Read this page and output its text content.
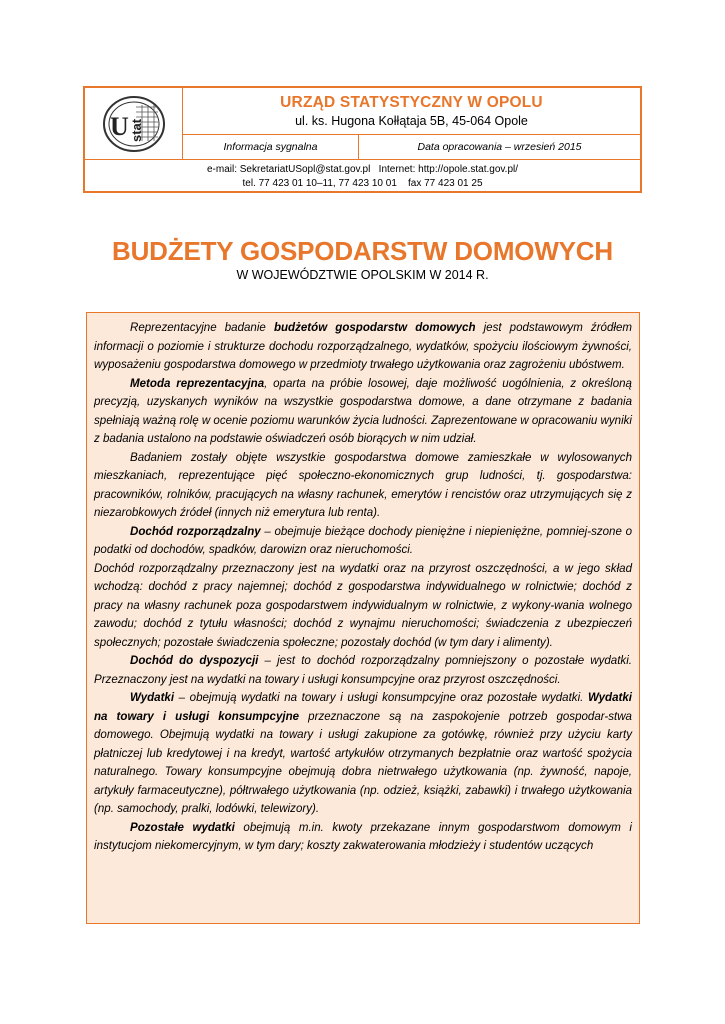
U stat
URZĄD STATYSTYCZNY W OPOLU
ul. ks. Hugona Kołłątaja 5B, 45-064 Opole
Informacja sygnalna	Data opracowania – wrzesień 2015
e-mail: SekretariatUSopl@stat.gov.pl   Internet: http://opole.stat.gov.pl/
tel. 77 423 01 10–11, 77 423 10 01    fax 77 423 01 25
BUDŻETY GOSPODARSTW DOMOWYCH
W WOJEWÓDZTWIE OPOLSKIM W 2014 R.

Reprezentacyjne badanie budżetów gospodarstw domowych jest podstawowym źródłem informacji o poziomie i strukturze dochodu rozporządzalnego, wydatków, spożyciu ilościowym żywności, wyposażeniu gospodarstwa domowego w przedmioty trwałego użytkowania oraz zagrożeniu ubóstwem.

Metoda reprezentacyjna, oparta na próbie losowej, daje możliwość uogólnienia, z określoną precyzją, uzyskanych wyników na wszystkie gospodarstwa domowe, a dane otrzymane z badania spełniają ważną rolę w ocenie poziomu warunków życia ludności. Zaprezentowane w opracowaniu wyniki z badania ustalono na podstawie oświadczeń osób biorących w nim udział.

Badaniem zostały objęte wszystkie gospodarstwa domowe zamieszkałe w wylosowanych mieszkaniach, reprezentujące pięć społeczno-ekonomicznych grup ludności, tj. gospodarstwa: pracowników, rolników, pracujących na własny rachunek, emerytów i rencistów oraz utrzymujących się z niezarobkowych źródeł (innych niż emerytura lub renta).

Dochód rozporządzalny – obejmuje bieżące dochody pieniężne i niepieniężne, pomniej-szone o podatki od dochodów, spadków, darowizn oraz nieruchomości.

Dochód rozporządzalny przeznaczony jest na wydatki oraz na przyrost oszczędności, a w jego skład wchodzą: dochód z pracy najemnej; dochód z gospodarstwa indywidualnego w rolnictwie; dochód z pracy na własny rachunek poza gospodarstwem indywidualnym w rolnictwie, z wykony-wania wolnego zawodu; dochód z tytułu własności; dochód z wynajmu nieruchomości; świadczenia z ubezpieczeń społecznych; pozostałe świadczenia społeczne; pozostały dochód (w tym dary i alimenty).

Dochód do dyspozycji – jest to dochód rozporządzalny pomniejszony o pozostałe wydatki. Przeznaczony jest na wydatki na towary i usługi konsumpcyjne oraz przyrost oszczędności.

Wydatki – obejmują wydatki na towary i usługi konsumpcyjne oraz pozostałe wydatki. Wydatki na towary i usługi konsumpcyjne przeznaczone są na zaspokojenie potrzeb gospodar-stwa domowego. Obejmują wydatki na towary i usługi zakupione za gotówkę, również przy użyciu karty płatniczej lub kredytowej i na kredyt, wartość artykułów otrzymanych bezpłatnie oraz wartość spożycia naturalnego. Towary konsumpcyjne obejmują dobra nietrwałego użytkowania (np. żywność, napoje, artykuły farmaceutyczne), półtrwałego użytkowania (np. odzież, książki, zabawki) i trwałego użytkowania (np. samochody, pralki, lodówki, telewizory).

Pozostałe wydatki obejmują m.in. kwoty przekazane innym gospodarstwom domowym i instytucjom niekomercyjnym, w tym dary; koszty zakwaterowania młodzieży i studentów uczących
